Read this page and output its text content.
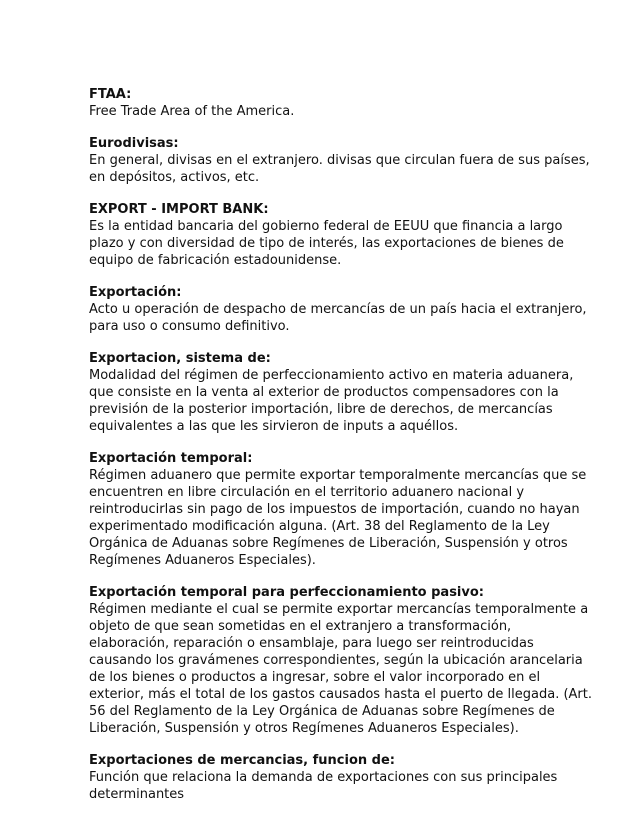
FTAA:
Free Trade Area of the America.
Eurodivisas:
En general, divisas en el extranjero. divisas que circulan fuera de sus países,
en depósitos, activos, etc.
EXPORT - IMPORT BANK:
Es la entidad bancaria del gobierno federal de EEUU que financia a largo
plazo y con diversidad de tipo de interés, las exportaciones de bienes de
equipo de fabricación estadounidense.
Exportación:
Acto u operación de despacho de mercancías de un país hacia el extranjero,
para uso o consumo definitivo.
Exportacion, sistema de:
Modalidad del régimen de perfeccionamiento activo en materia aduanera,
que consiste en la venta al exterior de productos compensadores con la
previsión de la posterior importación, libre de derechos, de mercancías
equivalentes a las que les sirvieron de inputs a aquéllos.
Exportación temporal:
Régimen aduanero que permite exportar temporalmente mercancías que se
encuentren en libre circulación en el territorio aduanero nacional y
reintroducirlas sin pago de los impuestos de importación, cuando no hayan
experimentado modificación alguna. (Art. 38 del Reglamento de la Ley
Orgánica de Aduanas sobre Regímenes de Liberación, Suspensión y otros
Regímenes Aduaneros Especiales).
Exportación temporal para perfeccionamiento pasivo:
Régimen mediante el cual se permite exportar mercancías temporalmente a
objeto de que sean sometidas en el extranjero a transformación,
elaboración, reparación o ensamblaje, para luego ser reintroducidas
causando los gravámenes correspondientes, según la ubicación arancelaria
de los bienes o productos a ingresar, sobre el valor incorporado en el
exterior, más el total de los gastos causados hasta el puerto de llegada. (Art.
56 del Reglamento de la Ley Orgánica de Aduanas sobre Regímenes de
Liberación, Suspensión y otros Regímenes Aduaneros Especiales).
Exportaciones de mercancias, funcion de:
Función que relaciona la demanda de exportaciones con sus principales
determinantes
